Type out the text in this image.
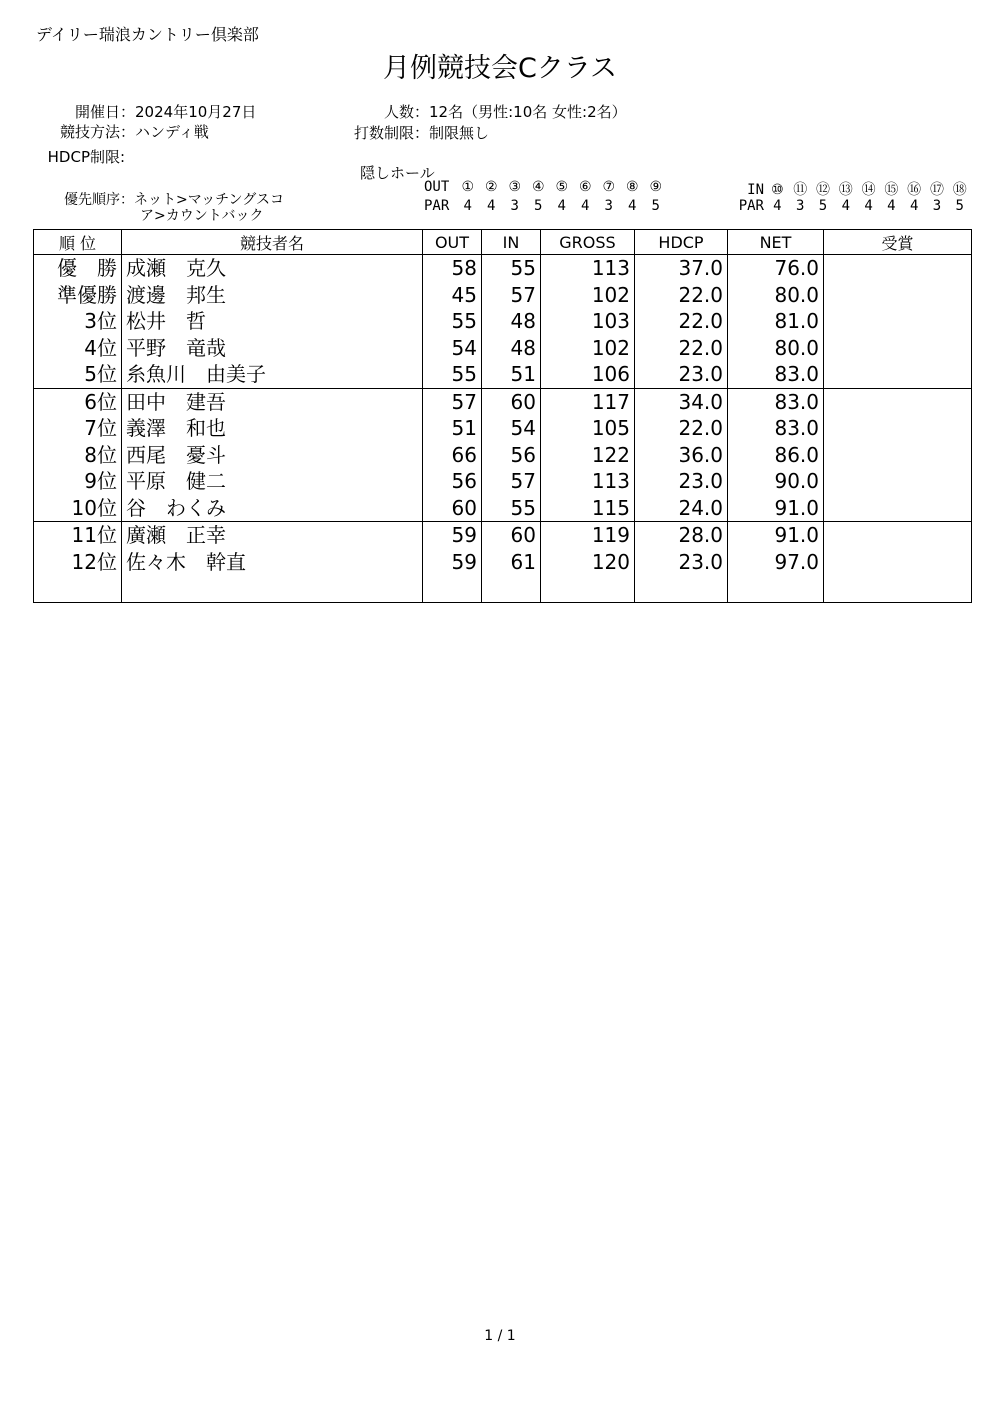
デイリー瑞浪カントリー倶楽部
月例競技会Cクラス
開催日：2024年10月27日
競技方法：ハンディ戦
HDCP制限:
優先順序：ネット>マッチングスコ
ア>カウントバック
人数：12名（男性:10名 女性:2名）
打数制限：制限無し
隠しホール
OUT ① ② ③ ④ ⑤ ⑥ ⑦ ⑧ ⑨
PAR 4 4 3 5 4 4 3 4 5
IN ⑩ ⑪ ⑫ ⑬ ⑭ ⑮ ⑯ ⑰ ⑱
PAR 4 3 5 4 4 4 4 3 5
順 位	競技者名	OUT	IN	GROSS	HDCP	NET	受賞
優　勝	成瀬　克久	58	55	113	37.0	76.0	
準優勝	渡邊　邦生	45	57	102	22.0	80.0	
3位	松井　哲	55	48	103	22.0	81.0	
4位	平野　竜哉	54	48	102	22.0	80.0	
5位	糸魚川　由美子	55	51	106	23.0	83.0	
6位	田中　建吾	57	60	117	34.0	83.0	
7位	義澤　和也	51	54	105	22.0	83.0	
8位	西尾　憂斗	66	56	122	36.0	86.0	
9位	平原　健二	56	57	113	23.0	90.0	
10位	谷　わくみ	60	55	115	24.0	91.0	
11位	廣瀬　正幸	59	60	119	28.0	91.0	
12位	佐々木　幹直	59	61	120	23.0	97.0	

1 / 1
